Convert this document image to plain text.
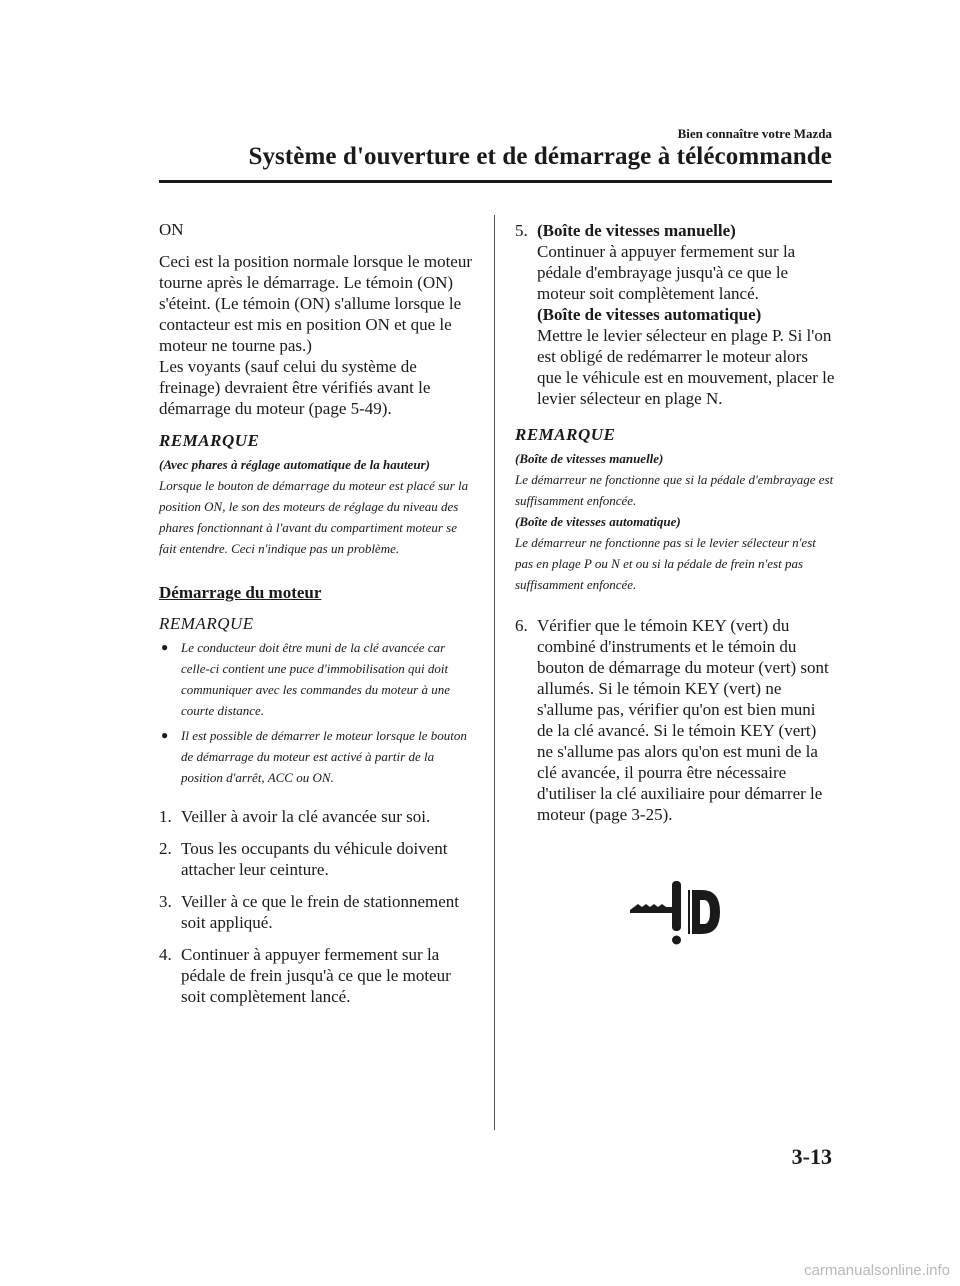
Bien connaître votre Mazda
Système d'ouverture et de démarrage à télécommande

ON

Ceci est la position normale lorsque le moteur tourne après le démarrage. Le témoin (ON) s'éteint. (Le témoin (ON) s'allume lorsque le contacteur est mis en position ON et que le moteur ne tourne pas.)

Les voyants (sauf celui du système de freinage) devraient être vérifiés avant le démarrage du moteur (page 5-49).

REMARQUE

(Avec phares à réglage automatique de la hauteur)

Lorsque le bouton de démarrage du moteur est placé sur la position ON, le son des moteurs de réglage du niveau des phares fonctionnant à l'avant du compartiment moteur se fait entendre. Ceci n'indique pas un problème.

Démarrage du moteur

REMARQUE

● Le conducteur doit être muni de la clé avancée car celle-ci contient une puce d'immobilisation qui doit communiquer avec les commandes du moteur à une courte distance.
● Il est possible de démarrer le moteur lorsque le bouton de démarrage du moteur est activé à partir de la position d'arrêt, ACC ou ON.
1. Veiller à avoir la clé avancée sur soi.
2. Tous les occupants du véhicule doivent attacher leur ceinture.
3. Veiller à ce que le frein de stationnement soit appliqué.
4. Continuer à appuyer fermement sur la pédale de frein jusqu'à ce que le moteur soit complètement lancé.
5. (Boîte de vitesses manuelle)
Continuer à appuyer fermement sur la pédale d'embrayage jusqu'à ce que le moteur soit complètement lancé.
(Boîte de vitesses automatique)
Mettre le levier sélecteur en plage P. Si l'on est obligé de redémarrer le moteur alors que le véhicule est en mouvement, placer le levier sélecteur en plage N.

REMARQUE

(Boîte de vitesses manuelle)

Le démarreur ne fonctionne que si la pédale d'embrayage est suffisamment enfoncée.

(Boîte de vitesses automatique)

Le démarreur ne fonctionne pas si le levier sélecteur n'est pas en plage P ou N et ou si la pédale de frein n'est pas suffisamment enfoncée.

6. Vérifier que le témoin KEY (vert) du combiné d'instruments et le témoin du bouton de démarrage du moteur (vert) sont allumés. Si le témoin KEY (vert) ne s'allume pas, vérifier qu'on est bien muni de la clé avancé. Si le témoin KEY (vert) ne s'allume pas alors qu'on est muni de la clé avancée, il pourra être nécessaire d'utiliser la clé auxiliaire pour démarrer le moteur (page 3-25).
3-13
carmanualsonline.info
